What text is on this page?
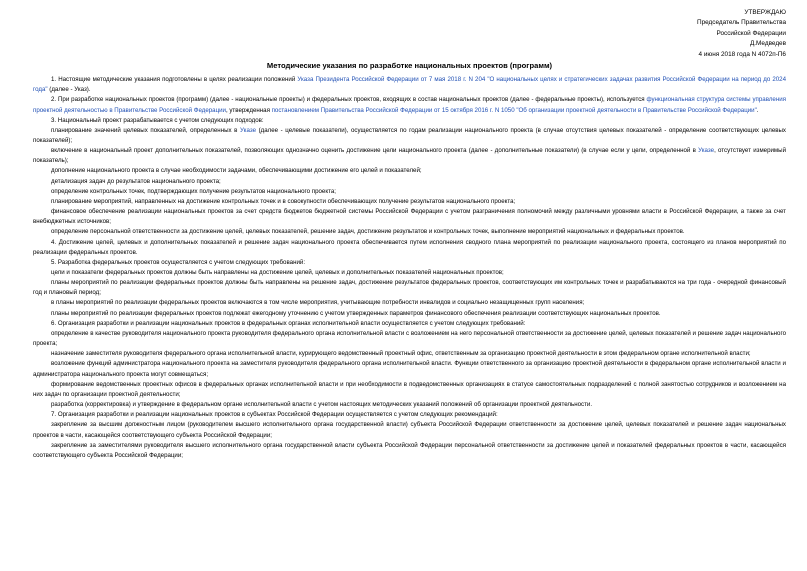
УТВЕРЖДАЮ
Председатель Правительства
Российской Федерации
Д.Медведев
4 июня 2018 года N 4072п-П6
Методические указания по разработке национальных проектов (программ)

1. Настоящие методические указания подготовлены в целях реализации положений Указа Президента Российской Федерации от 7 мая 2018 г. N 204 "О национальных целях и стратегических задачах развития Российской Федерации на период до 2024 года" (далее - Указ).

2. При разработке национальных проектов (программ) (далее - национальные проекты) и федеральных проектов, входящих в состав национальных проектов (далее - федеральные проекты), используется функциональная структура системы управления проектной деятельностью в Правительстве Российской Федерации, утвержденная постановлением Правительства Российской Федерации от 15 октября 2016 г. N 1050 "Об организации проектной деятельности в Правительстве Российской Федерации".

3. Национальный проект разрабатывается с учетом следующих подходов:

планирование значений целевых показателей, определенных в Указе (далее - целевые показатели), осуществляется по годам реализации национального проекта (в случае отсутствия целевых показателей - определение соответствующих целевых показателей);

включение в национальный проект дополнительных показателей, позволяющих однозначно оценить достижение цели национального проекта (далее - дополнительные показатели) (в случае если у цели, определенной в Указе, отсутствует измеримый показатель);

дополнение национального проекта в случае необходимости задачами, обеспечивающими достижение его целей и показателей;

детализация задач до результатов национального проекта;

определение контрольных точек, подтверждающих получение результатов национального проекта;

планирование мероприятий, направленных на достижение контрольных точек и в совокупности обеспечивающих получение результатов национального проекта;

финансовое обеспечение реализации национальных проектов за счет средств бюджетов бюджетной системы Российской Федерации с учетом разграничения полномочий между различными уровнями власти в Российской Федерации, а также за счет внебюджетных источников;

определение персональной ответственности за достижение целей, целевых показателей, решение задач, достижение результатов и контрольных точек, выполнение мероприятий национальных и федеральных проектов.

4. Достижение целей, целевых и дополнительных показателей и решение задач национального проекта обеспечивается путем исполнения сводного плана мероприятий по реализации национального проекта, состоящего из планов мероприятий по реализации федеральных проектов.

5. Разработка федеральных проектов осуществляется с учетом следующих требований:

цели и показатели федеральных проектов должны быть направлены на достижение целей, целевых и дополнительных показателей национальных проектов;

планы мероприятий по реализации федеральных проектов должны быть направлены на решение задач, достижение результатов федеральных проектов, соответствующих им контрольных точек и разрабатываются на три года - очередной финансовый год и плановый период;

в планы мероприятий по реализации федеральных проектов включаются в том числе мероприятия, учитывающие потребности инвалидов и социально незащищенных групп населения;

планы мероприятий по реализации федеральных проектов подлежат ежегодному уточнению с учетом утвержденных параметров финансового обеспечения реализации соответствующих национальных проектов.

6. Организация разработки и реализации национальных проектов в федеральных органах исполнительной власти осуществляется с учетом следующих требований:

определение в качестве руководителя национального проекта руководителя федерального органа исполнительной власти с возложением на него персональной ответственности за достижение целей, целевых показателей и решение задач национального проекта;

назначение заместителя руководителя федерального органа исполнительной власти, курирующего ведомственный проектный офис, ответственным за организацию проектной деятельности в этом федеральном органе исполнительной власти;

возложение функций администратора национального проекта на заместителя руководителя федерального органа исполнительной власти. Функции ответственного за организацию проектной деятельности в федеральном органе исполнительной власти и администратора национального проекта могут совмещаться;

формирование ведомственных проектных офисов в федеральных органах исполнительной власти и при необходимости в подведомственных организациях в статусе самостоятельных подразделений с полной занятостью сотрудников и возложением на них задач по организации проектной деятельности;

разработка (корректировка) и утверждение в федеральном органе исполнительной власти с учетом настоящих методических указаний положений об организации проектной деятельности.

7. Организация разработки и реализации национальных проектов в субъектах Российской Федерации осуществляется с учетом следующих рекомендаций:

закрепление за высшим должностным лицом (руководителем высшего исполнительного органа государственной власти) субъекта Российской Федерации ответственности за достижение целей, целевых показателей и решение задач национальных проектов в части, касающейся соответствующего субъекта Российской Федерации;

закрепление за заместителями руководителя высшего исполнительного органа государственной власти субъекта Российской Федерации персональной ответственности за достижение целей и показателей федеральных проектов в части, касающейся соответствующего субъекта Российской Федерации;
